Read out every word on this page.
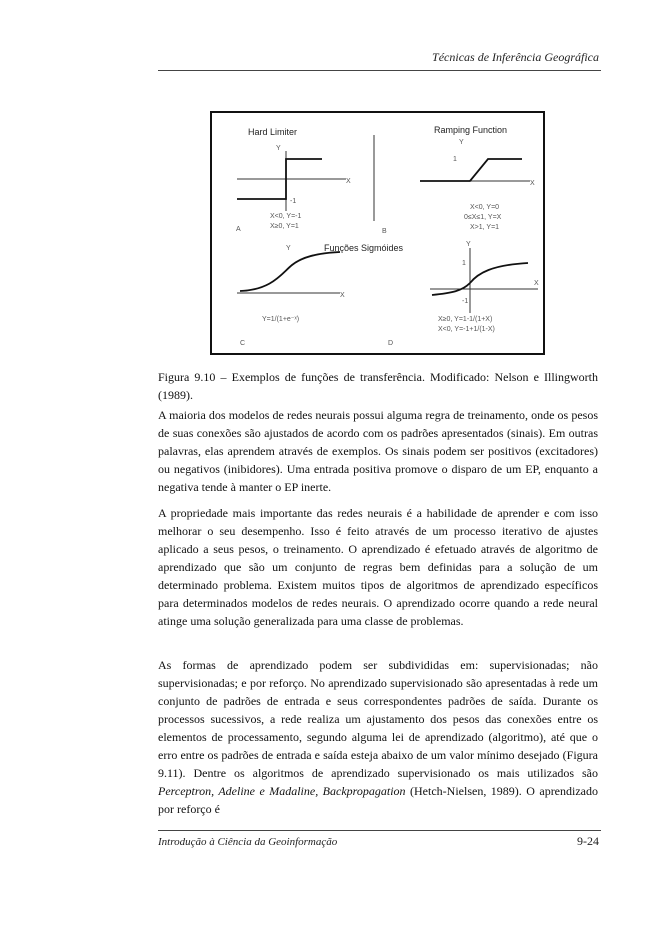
Técnicas de Inferência Geográfica
Hard Limiter
Y
X
-1
X<0, Y=-1
X≥0, Y=1
A
Ramping Function
Y
X
1
X<0, Y=0
0≤X≤1, Y=X
X>1, Y=1
B
Funções Sigmóides
Y
X
Y=1/(1+e⁻ˣ)
C
Y
X
1
-1
X≥0, Y=1-1/(1+X)
X<0, Y=-1+1/(1-X)
D
Figura 9.10 – Exemplos de funções de transferência. Modificado: Nelson e Illingworth (1989).

A maioria dos modelos de redes neurais possui alguma regra de treinamento, onde os pesos de suas conexões são ajustados de acordo com os padrões apresentados (sinais). Em outras palavras, elas aprendem através de exemplos. Os sinais podem ser positivos (excitadores) ou negativos (inibidores). Uma entrada positiva promove o disparo de um EP, enquanto a negativa tende à manter o EP inerte.

A propriedade mais importante das redes neurais é a habilidade de aprender e com isso melhorar o seu desempenho. Isso é feito através de um processo iterativo de ajustes aplicado a seus pesos, o treinamento. O aprendizado é efetuado através de algoritmo de aprendizado que são um conjunto de regras bem definidas para a solução de um determinado problema. Existem muitos tipos de algoritmos de aprendizado específicos para determinados modelos de redes neurais. O aprendizado ocorre quando a rede neural atinge uma solução generalizada para uma classe de problemas.

As formas de aprendizado podem ser subdivididas em: supervisionadas; não supervisionadas; e por reforço. No aprendizado supervisionado são apresentadas à rede um conjunto de padrões de entrada e seus correspondentes padrões de saída. Durante os processos sucessivos, a rede realiza um ajustamento dos pesos das conexões entre os elementos de processamento, segundo alguma lei de aprendizado (algoritmo), até que o erro entre os padrões de entrada e saída esteja abaixo de um valor mínimo desejado (Figura 9.11). Dentre os algoritmos de aprendizado supervisionado os mais utilizados são Perceptron, Adeline e Madaline, Backpropagation (Hetch-Nielsen, 1989). O aprendizado por reforço é

Introdução à Ciência da Geoinformação	9-24
